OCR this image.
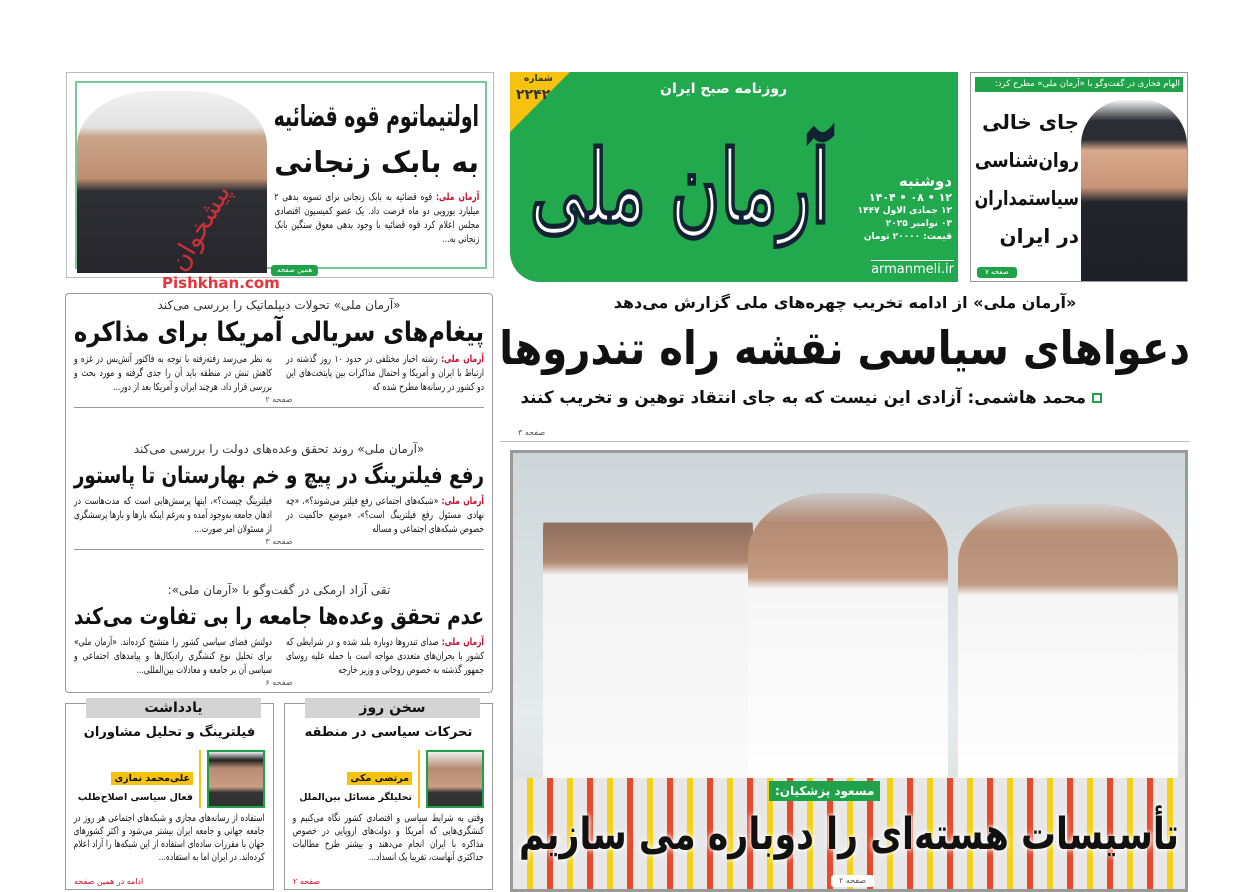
اولتیماتوم قوه قضائیه
به بابک زنجانی
آرمان ملی: قوه قضائیه به بابک زنجانی برای تسویه بدهی ۲ میلیارد یورویی دو ماه فرصت داد. یک عضو کمیسیون اقتصادی مجلس اعلام کرد قوه قضائیه با وجود بدهی معوق سنگین بابک زنجانی به...
همین صفحه
پیشخوان
Pishkhan.com
شماره
۲۲۴۲	روزنامه صبح ایران
آرمان ملی	دوشنبه
۱۲ • ۰۸ • ۱۴۰۴
۱۲ جمادی الاول ۱۴۴۷
۰۳ نوامبر ۲۰۲۵
قیمت: ۲۰۰۰۰ تومان
armanmeli.ir
الهام فخاری در گفت‌وگو با «آرمان ملی» مطرح کرد:
جای خالی
روان‌شناسی
سیاستمداران
در ایران
صفحه ۷
«آرمان ملی» از ادامه تخریب چهره‌های ملی گزارش می‌دهد
دعواهای سیاسی نقشه راه تندروها
محمد هاشمی: آزادی این نیست که به جای انتقاد توهین و تخریب کنند
صفحه ۳
مسعود پزشکیان:
تأسیسات هسته‌ای را دوباره می سازیم
صفحه ۲
«آرمان ملی» تحولات دیپلماتیک را بررسی می‌کند
پیغام‌های سریالی آمریکا برای مذاکره
آرمان ملی: رشته اخبار مختلفی در حدود ۱۰ روز گذشته در ارتباط با ایران و آمریکا و احتمال مذاکرات بین پایتخت‌های این دو کشور در رسانه‌ها مطرح شده که
به نظر می‌رسد رفته‌رفته با توجه به فاکتور آتش‌بس در غزه و کاهش تنش در منطقه باید آن را جدی گرفته و مورد بحث و بررسی قرار داد. هرچند ایران و آمریکا بعد از دور...
صفحه ۲
«آرمان ملی» روند تحقق وعده‌های دولت را بررسی می‌کند
رفع فیلترینگ در پیچ و خم بهارستان تا پاستور
آرمان ملی: «شبکه‌های اجتماعی رفع فیلتر می‌شوند؟»، «چه نهادی مسئول رفع فیلترینگ است؟»، «موضع حاکمیت در خصوص شبکه‌های اجتماعی و مساله
فیلترینگ چیست؟»، اینها پرسش‌هایی است که مدت‌هاست در اذهان جامعه به‌وجود آمده و به‌رغم اینکه بارها و بارها پرسشگری از مسئولان امر صورت...
صفحه ۳
تقی آزاد ارمکی در گفت‌وگو با «آرمان ملی»:
عدم تحقق وعده‌ها جامعه را بی تفاوت می‌کند
آرمان ملی: صدای تندروها دوباره بلند شده و در شرایطی که کشور با بحران‌های متعددی مواجه است با حمله علیه روسای جمهور گذشته به خصوص روحانی و وزیر خارجه
دولتش فضای سیاسی کشور را متشنج کرده‌اند. «آرمان ملی» برای تحلیل نوع کنشگری رادیکال‌ها و پیامدهای اجتماعی و سیاسی آن بر جامعه و معادلات بین‌المللی...
صفحه ۶
سخن روز
تحرکات سیاسی در منطقه
مرتضی مکی
تحلیلگر مسائل بین‌الملل
وقتی به شرایط سیاسی و اقتصادی کشور نگاه می‌کنیم و کنشگری‌هایی که آمریکا و دولت‌های اروپایی در خصوص مذاکره با ایران انجام می‌دهند و بیشتر طرح مطالبات حداکثری آنهاست، تقریبا یک انسداد...
صفحه ۲
یادداشت
فیلترینگ و تحلیل مشاوران
علی‌محمد نمازی
فعال سیاسی اصلاح‌طلب
استفاده از رسانه‌های مجازی و شبکه‌های اجتماعی هر روز در جامعه جهانی و جامعه ایران بیشتر می‌شود و اکثر کشورهای جهان با مقررات ساده‌ای استفاده از این شبکه‌ها را آزاد اعلام کرده‌اند. در ایران اما به استفاده...
ادامه در همین صفحه
